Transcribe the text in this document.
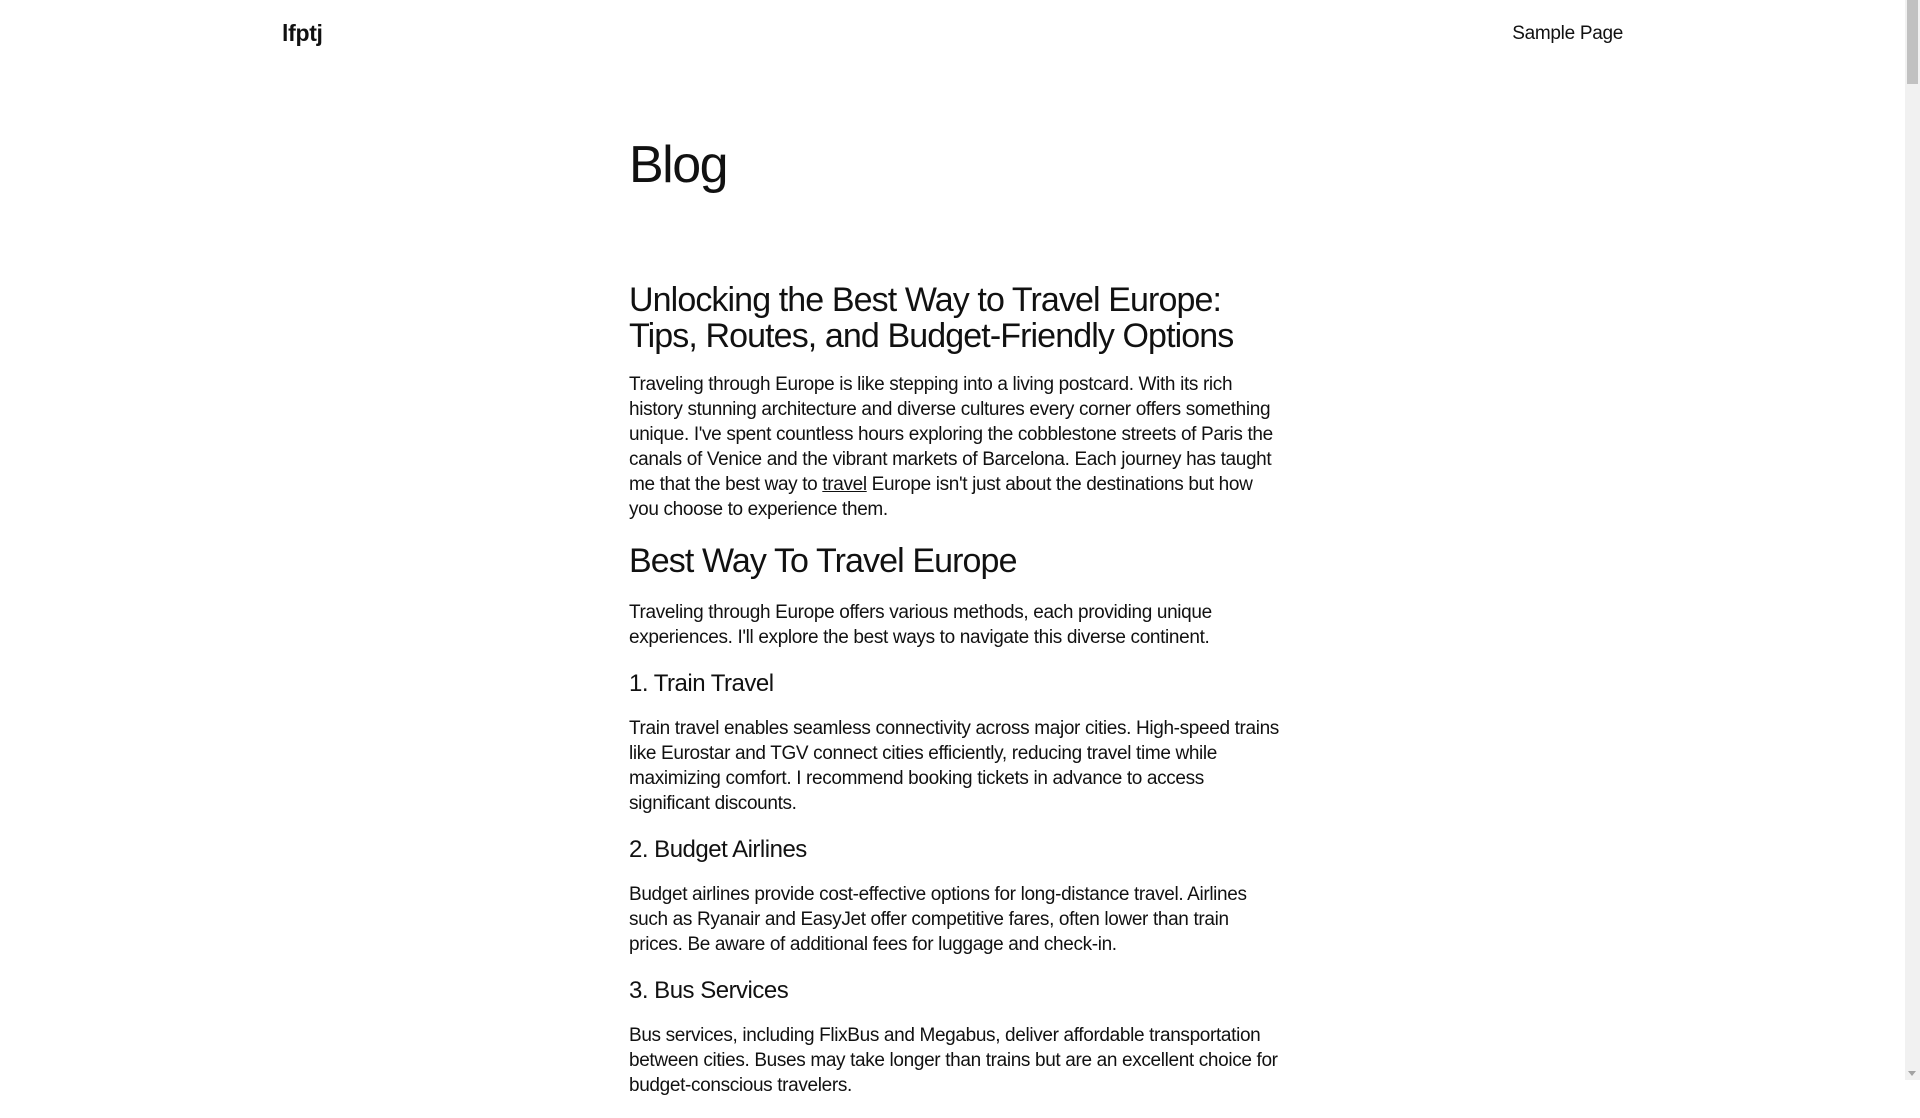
lfptj	Sample Page
Blog
Unlocking the Best Way to Travel Europe: Tips, Routes, and Budget-Friendly Options

Traveling through Europe is like stepping into a living postcard. With its rich history stunning architecture and diverse cultures every corner offers something unique. I've spent countless hours exploring the cobblestone streets of Paris the canals of Venice and the vibrant markets of Barcelona. Each journey has taught me that the best way to travel Europe isn't just about the destinations but how you choose to experience them.

Best Way To Travel Europe

Traveling through Europe offers various methods, each providing unique experiences. I'll explore the best ways to navigate this diverse continent.

1. Train Travel

Train travel enables seamless connectivity across major cities. High-speed trains like Eurostar and TGV connect cities efficiently, reducing travel time while maximizing comfort. I recommend booking tickets in advance to access significant discounts.

2. Budget Airlines

Budget airlines provide cost-effective options for long-distance travel. Airlines such as Ryanair and EasyJet offer competitive fares, often lower than train prices. Be aware of additional fees for luggage and check-in.

3. Bus Services

Bus services, including FlixBus and Megabus, deliver affordable transportation between cities. Buses may take longer than trains but are an excellent choice for budget-conscious travelers.
